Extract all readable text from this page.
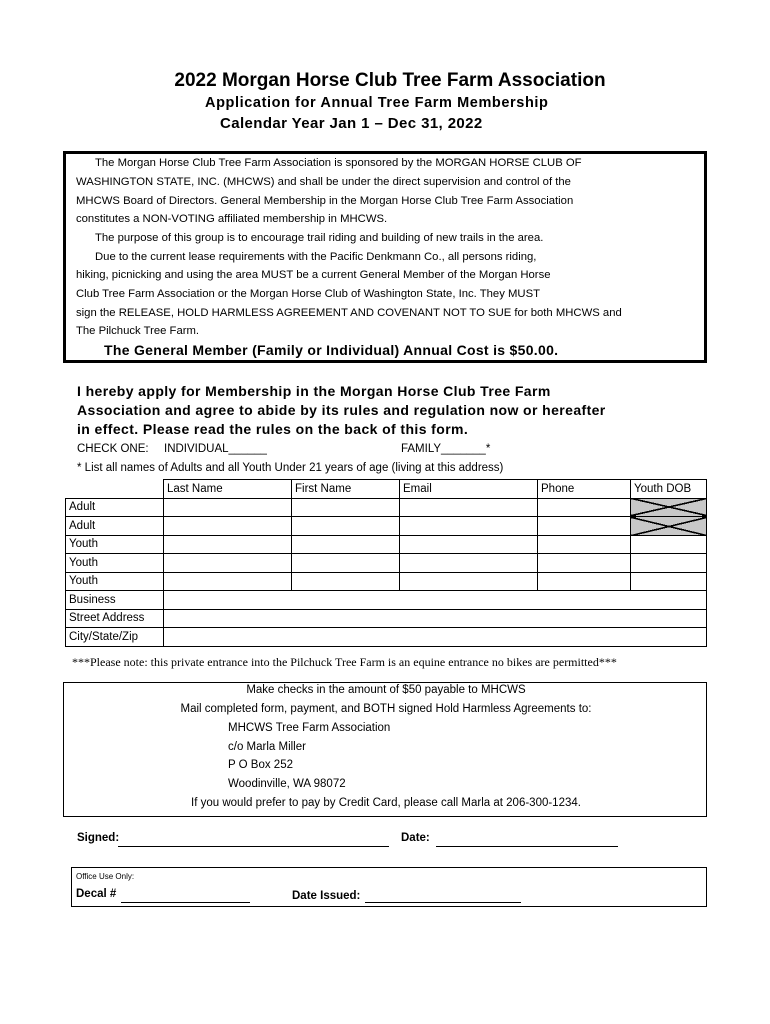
2022 Morgan Horse Club Tree Farm Association
Application for Annual Tree Farm Membership
Calendar Year Jan 1 – Dec 31, 2022
The Morgan Horse Club Tree Farm Association is sponsored by the MORGAN HORSE CLUB OF
WASHINGTON STATE, INC. (MHCWS) and shall be under the direct supervision and control of the
MHCWS Board of Directors. General Membership in the Morgan Horse Club Tree Farm Association
constitutes a NON-VOTING affiliated membership in MHCWS.
The purpose of this group is to encourage trail riding and building of new trails in the area.
Due to the current lease requirements with the Pacific Denkmann Co., all persons riding,
hiking, picnicking and using the area MUST be a current General Member of the Morgan Horse
Club Tree Farm Association or the Morgan Horse Club of Washington State, Inc. They MUST
sign the RELEASE, HOLD HARMLESS AGREEMENT AND COVENANT NOT TO SUE for both MHCWS and
The Pilchuck Tree Farm.
The General Member (Family or Individual) Annual Cost is $50.00.
I hereby apply for Membership in the Morgan Horse Club Tree Farm
Association and agree to abide by its rules and regulation now or hereafter
in effect. Please read the rules on the back of this form.
CHECK ONE: INDIVIDUAL______	FAMILY_______*
* List all names of Adults and all Youth Under 21 years of age (living at this address)
	Last Name	First Name	Email	Phone	Youth DOB
Adult					
Adult					
Youth					
Youth					
Youth					
Business					
Street Address					
City/State/Zip					
***Please note: this private entrance into the Pilchuck Tree Farm is an equine entrance no bikes are permitted***
Make checks in the amount of $50 payable to MHCWS
Mail completed form, payment, and BOTH signed Hold Harmless Agreements to:
MHCWS Tree Farm Association
c/o Marla Miller
P O Box 252
Woodinville, WA 98072
If you would prefer to pay by Credit Card, please call Marla at 206-300-1234.
Signed:	Date:
Office Use Only:
Decal #	Date Issued:
